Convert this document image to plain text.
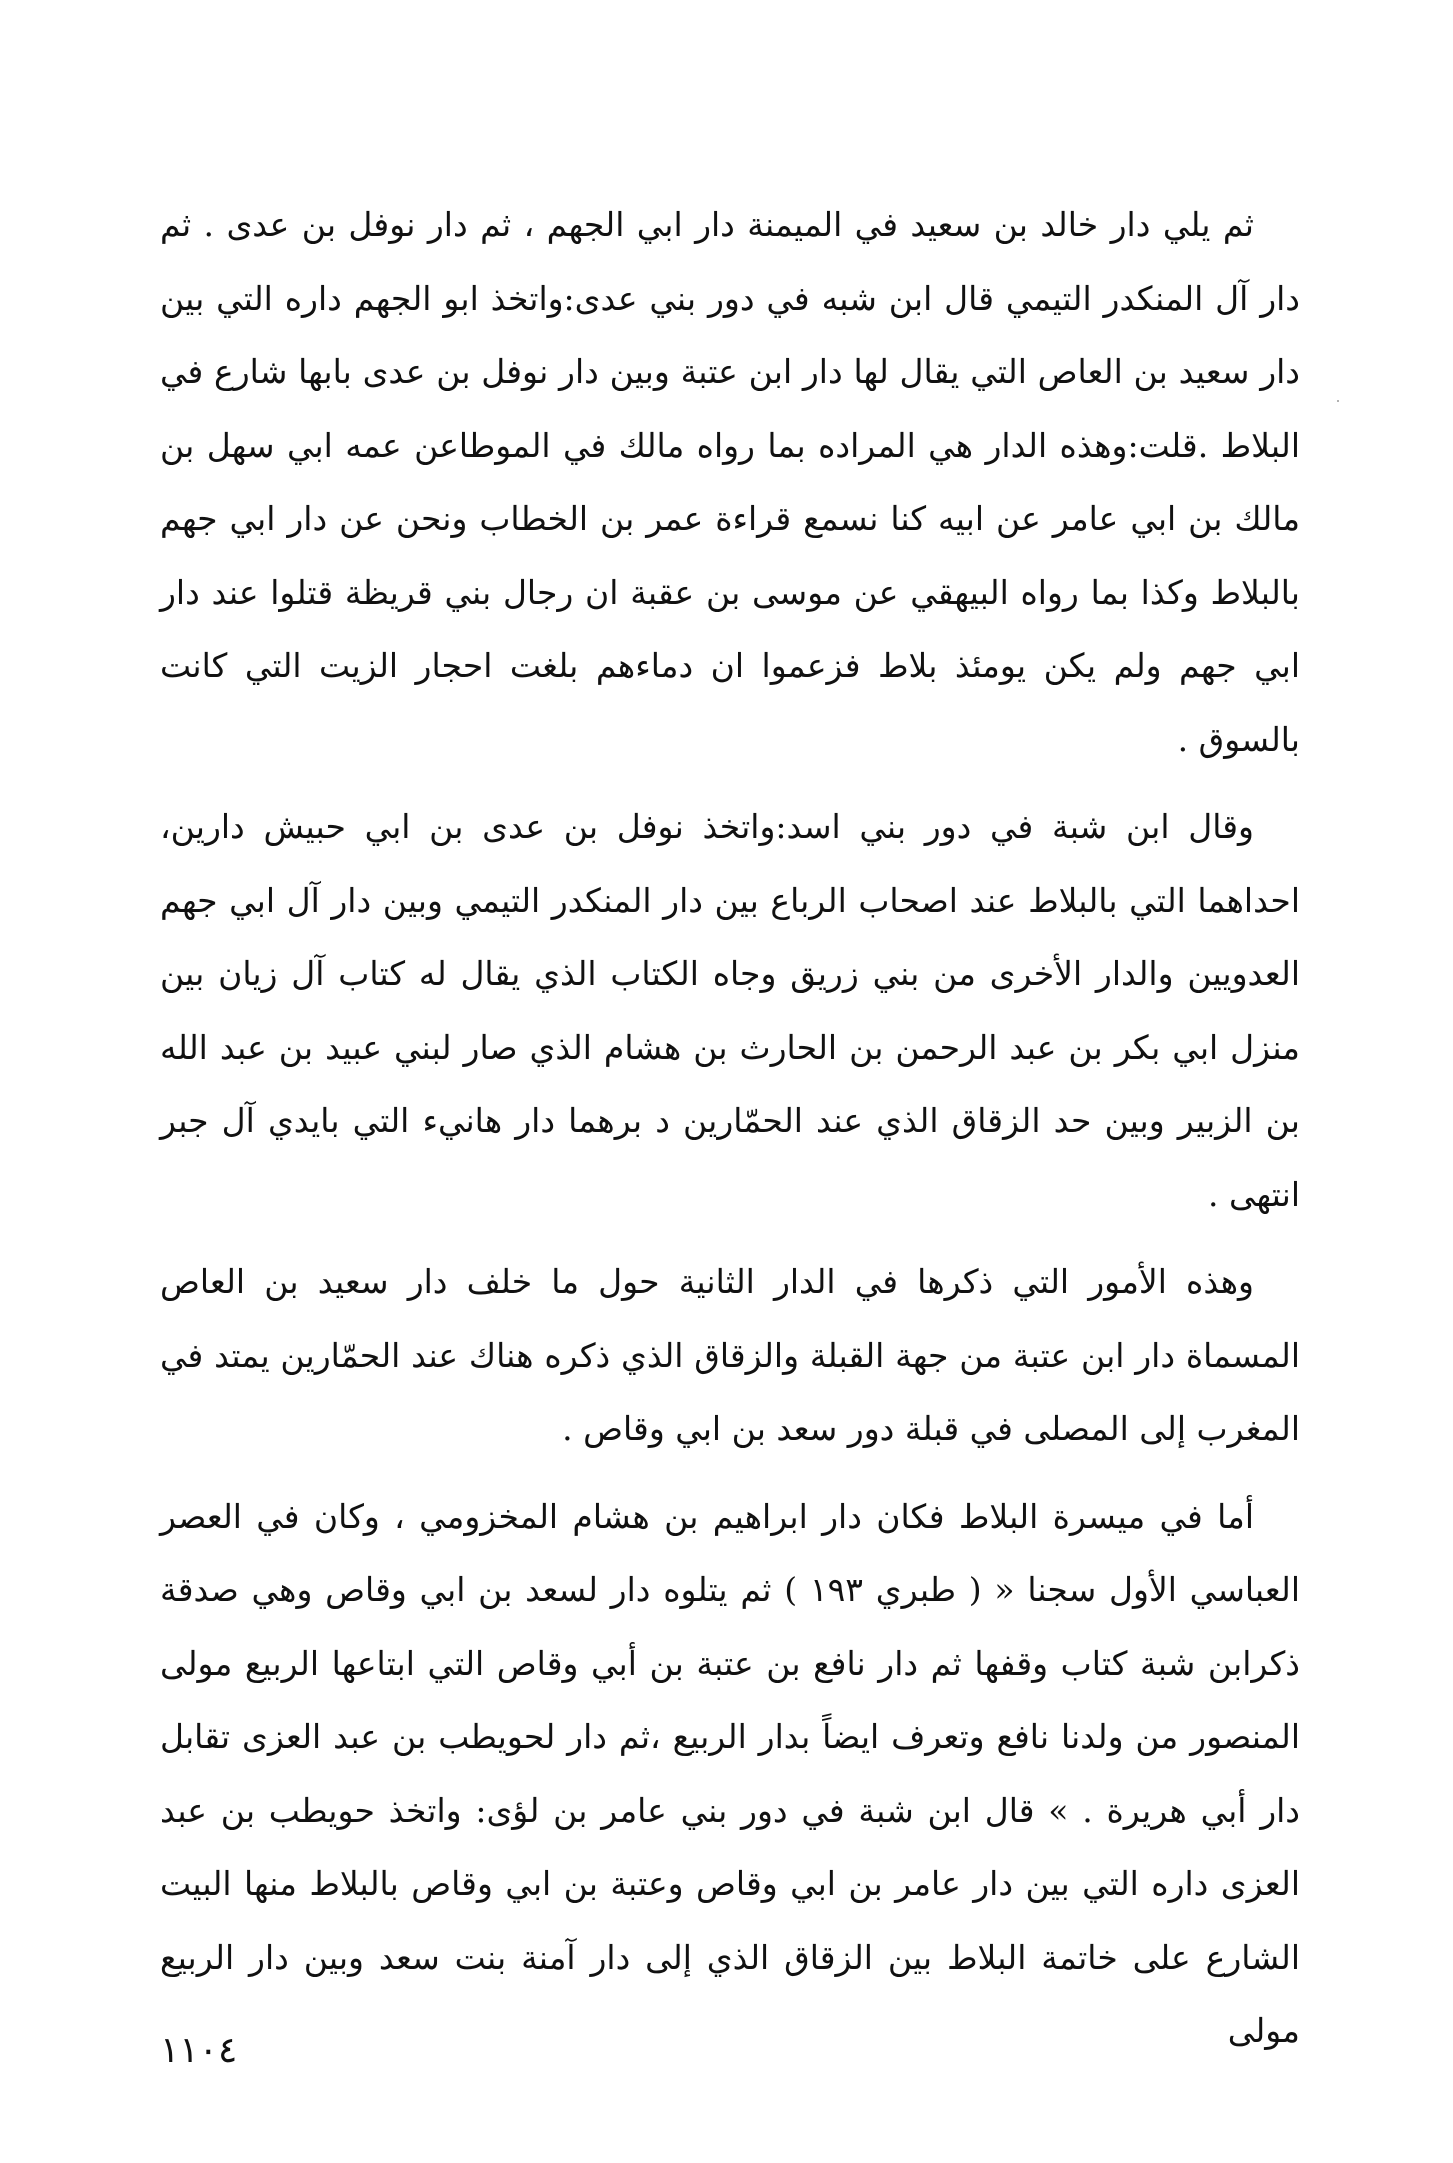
ثم يلي دار خالد بن سعيد في الميمنة دار ابي الجهم ، ثم دار نوفل بن عدى . ثم دار آل المنكدر التيمي قال ابن شبه في دور بني عدى:واتخذ ابو الجهم داره التي بين دار سعيد بن العاص التي يقال لها دار ابن عتبة وبين دار نوفل بن عدى بابها شارع في البلاط .قلت:وهذه الدار هي المراده بما رواه مالك في الموطاعن عمه ابي سهل بن مالك بن ابي عامر عن ابيه كنا نسمع قراءة عمر بن الخطاب ونحن عن دار ابي جهم بالبلاط وكذا بما رواه البيهقي عن موسى بن عقبة ان رجال بني قريظة قتلوا عند دار ابي جهم ولم يكن يومئذ بلاط فزعموا ان دماءهم بلغت احجار الزيت التي كانت بالسوق .

وقال ابن شبة في دور بني اسد:واتخذ نوفل بن عدى بن ابي حبيش دارين، احداهما التي بالبلاط عند اصحاب الرباع بين دار المنكدر التيمي وبين دار آل ابي جهم العدويين والدار الأخرى من بني زريق وجاه الكتاب الذي يقال له كتاب آل زيان بين منزل ابي بكر بن عبد الرحمن بن الحارث بن هشام الذي صار لبني عبيد بن عبد الله بن الزبير وبين حد الزقاق الذي عند الحمّارين د برهما دار هانيء التي بايدي آل جبر انتهى .

وهذه الأمور التي ذكرها في الدار الثانية حول ما خلف دار سعيد بن العاص المسماة دار ابن عتبة من جهة القبلة والزقاق الذي ذكره هناك عند الحمّارين يمتد في المغرب إلى المصلى في قبلة دور سعد بن ابي وقاص .

أما في ميسرة البلاط فكان دار ابراهيم بن هشام المخزومي ، وكان في العصر العباسي الأول سجنا « ( طبري ١٩٣ ) ثم يتلوه دار لسعد بن ابي وقاص وهي صدقة ذكرابن شبة كتاب وقفها ثم دار نافع بن عتبة بن أبي وقاص التي ابتاعها الربيع مولى المنصور من ولدنا نافع وتعرف ايضاً بدار الربيع ،ثم دار لحويطب بن عبد العزى تقابل دار أبي هريرة . » قال ابن شبة في دور بني عامر بن لؤى: واتخذ حويطب بن عبد العزى داره التي بين دار عامر بن ابي وقاص وعتبة بن ابي وقاص بالبلاط منها البيت الشارع على خاتمة البلاط بين الزقاق الذي إلى دار آمنة بنت سعد وبين دار الربيع مولى

١١٠٤
